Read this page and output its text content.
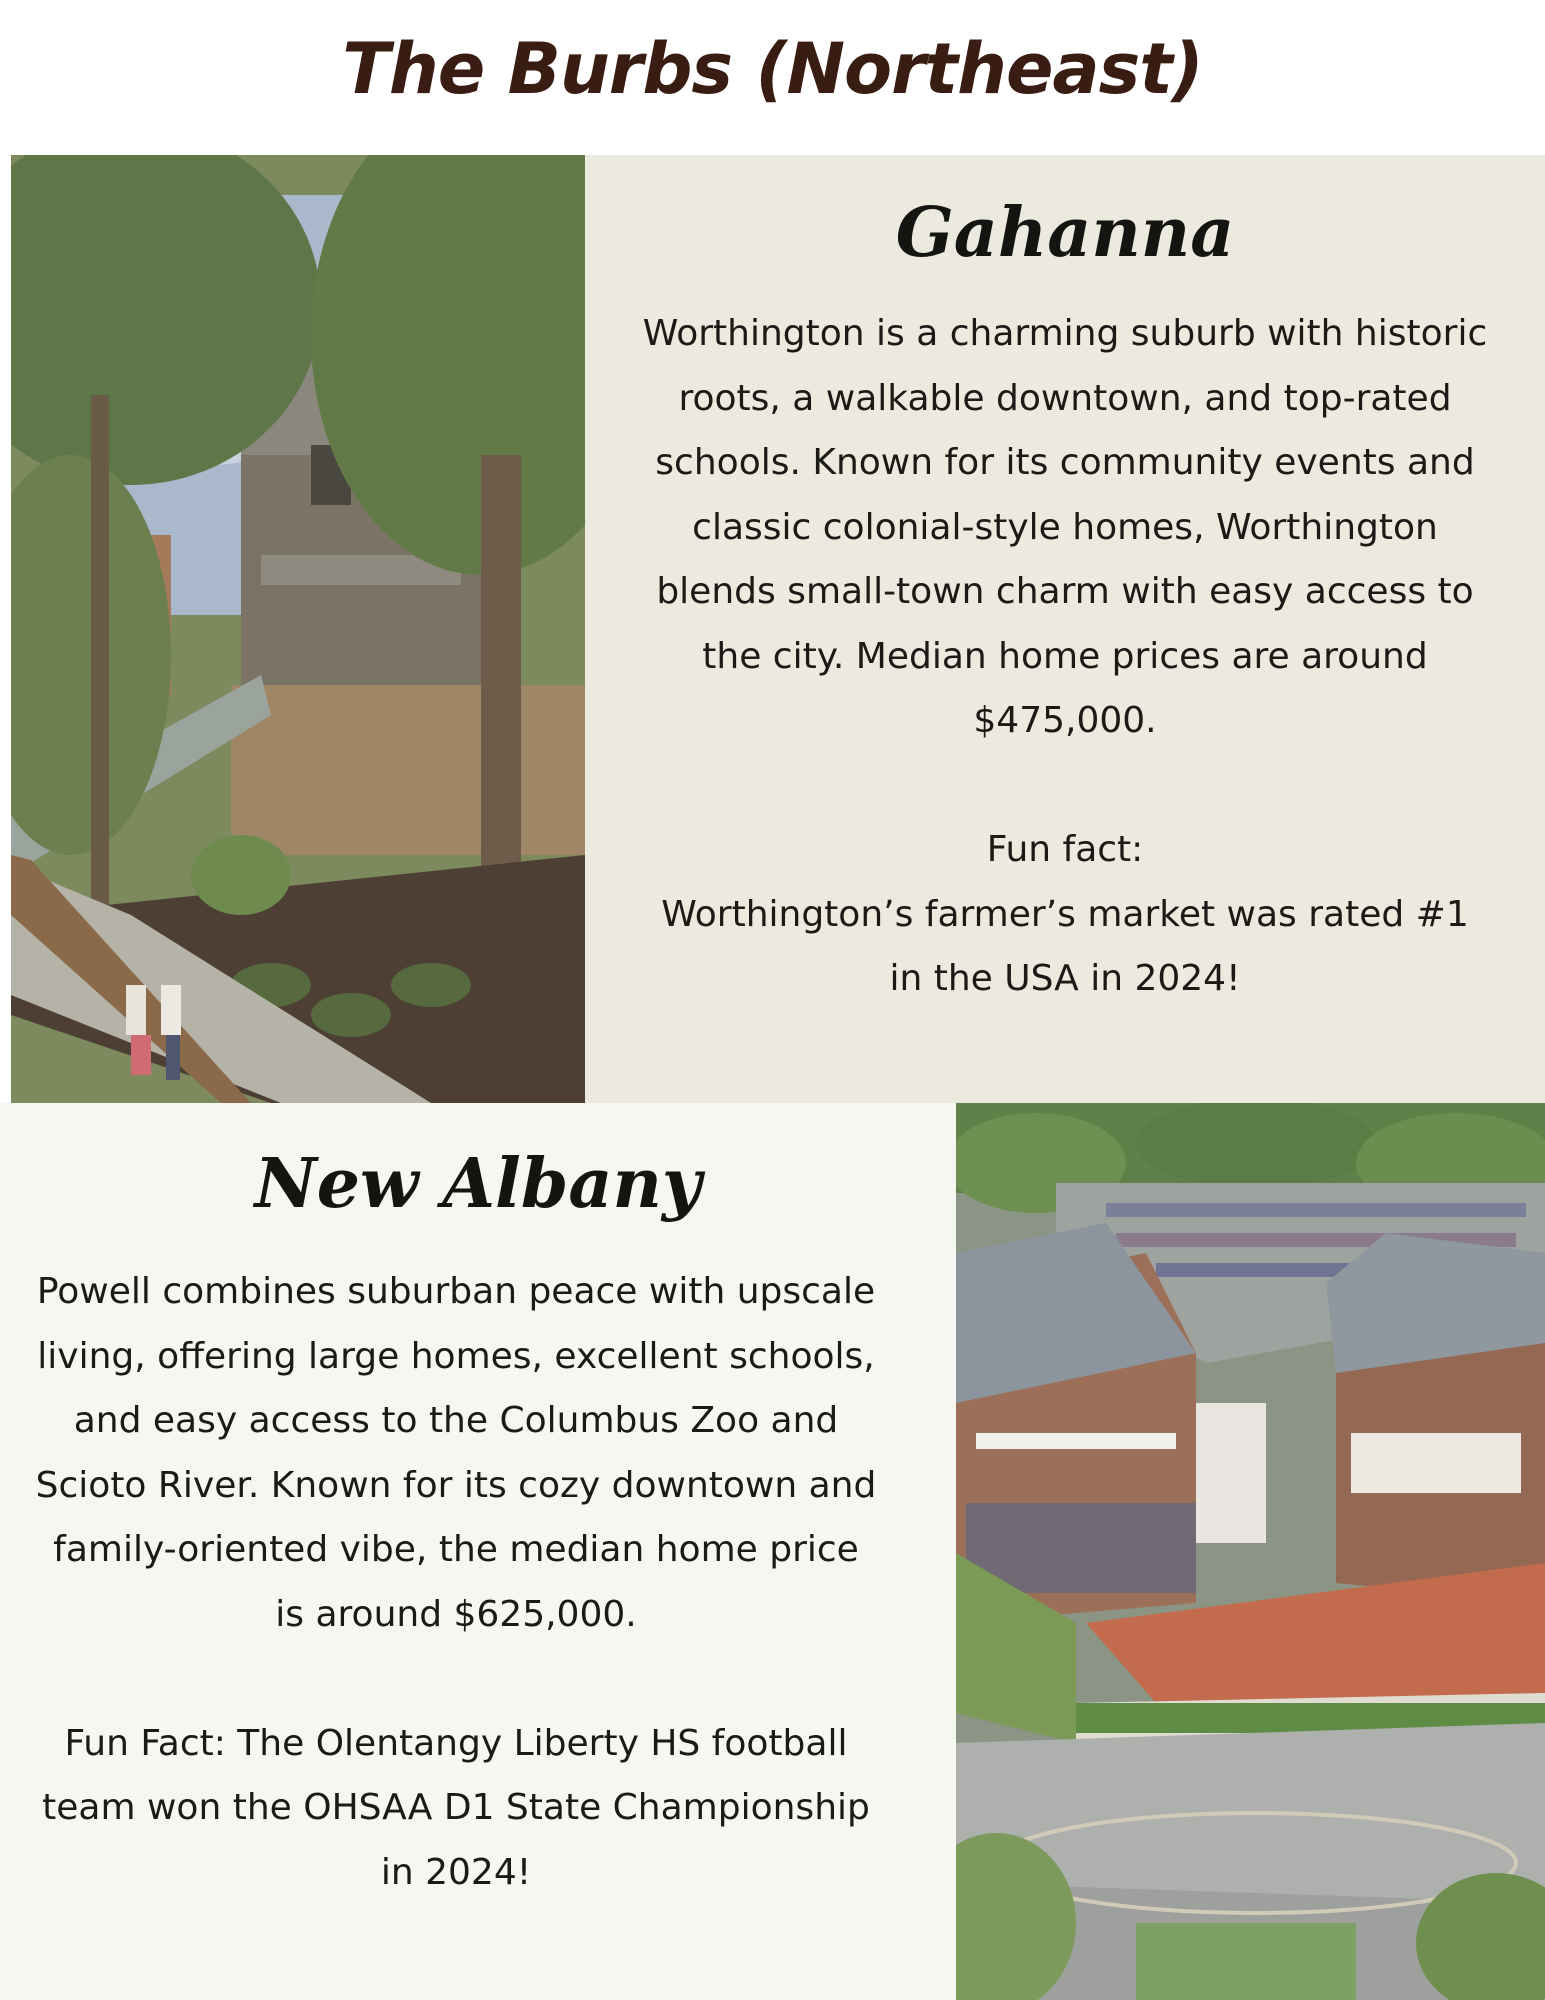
The Burbs (Northeast)
Gahanna

Worthington is a charming suburb with historic roots, a walkable downtown, and top-rated schools. Known for its community events and classic colonial-style homes, Worthington blends small-town charm with easy access to the city. Median home prices are around $475,000.

Fun fact:
Worthington’s farmer’s market was rated #1 in the USA in 2024!
New Albany

Powell combines suburban peace with upscale living, offering large homes, excellent schools, and easy access to the Columbus Zoo and Scioto River. Known for its cozy downtown and family-oriented vibe, the median home price is around $625,000.

Fun Fact: The Olentangy Liberty HS football team won the OHSAA D1 State Championship in 2024!
